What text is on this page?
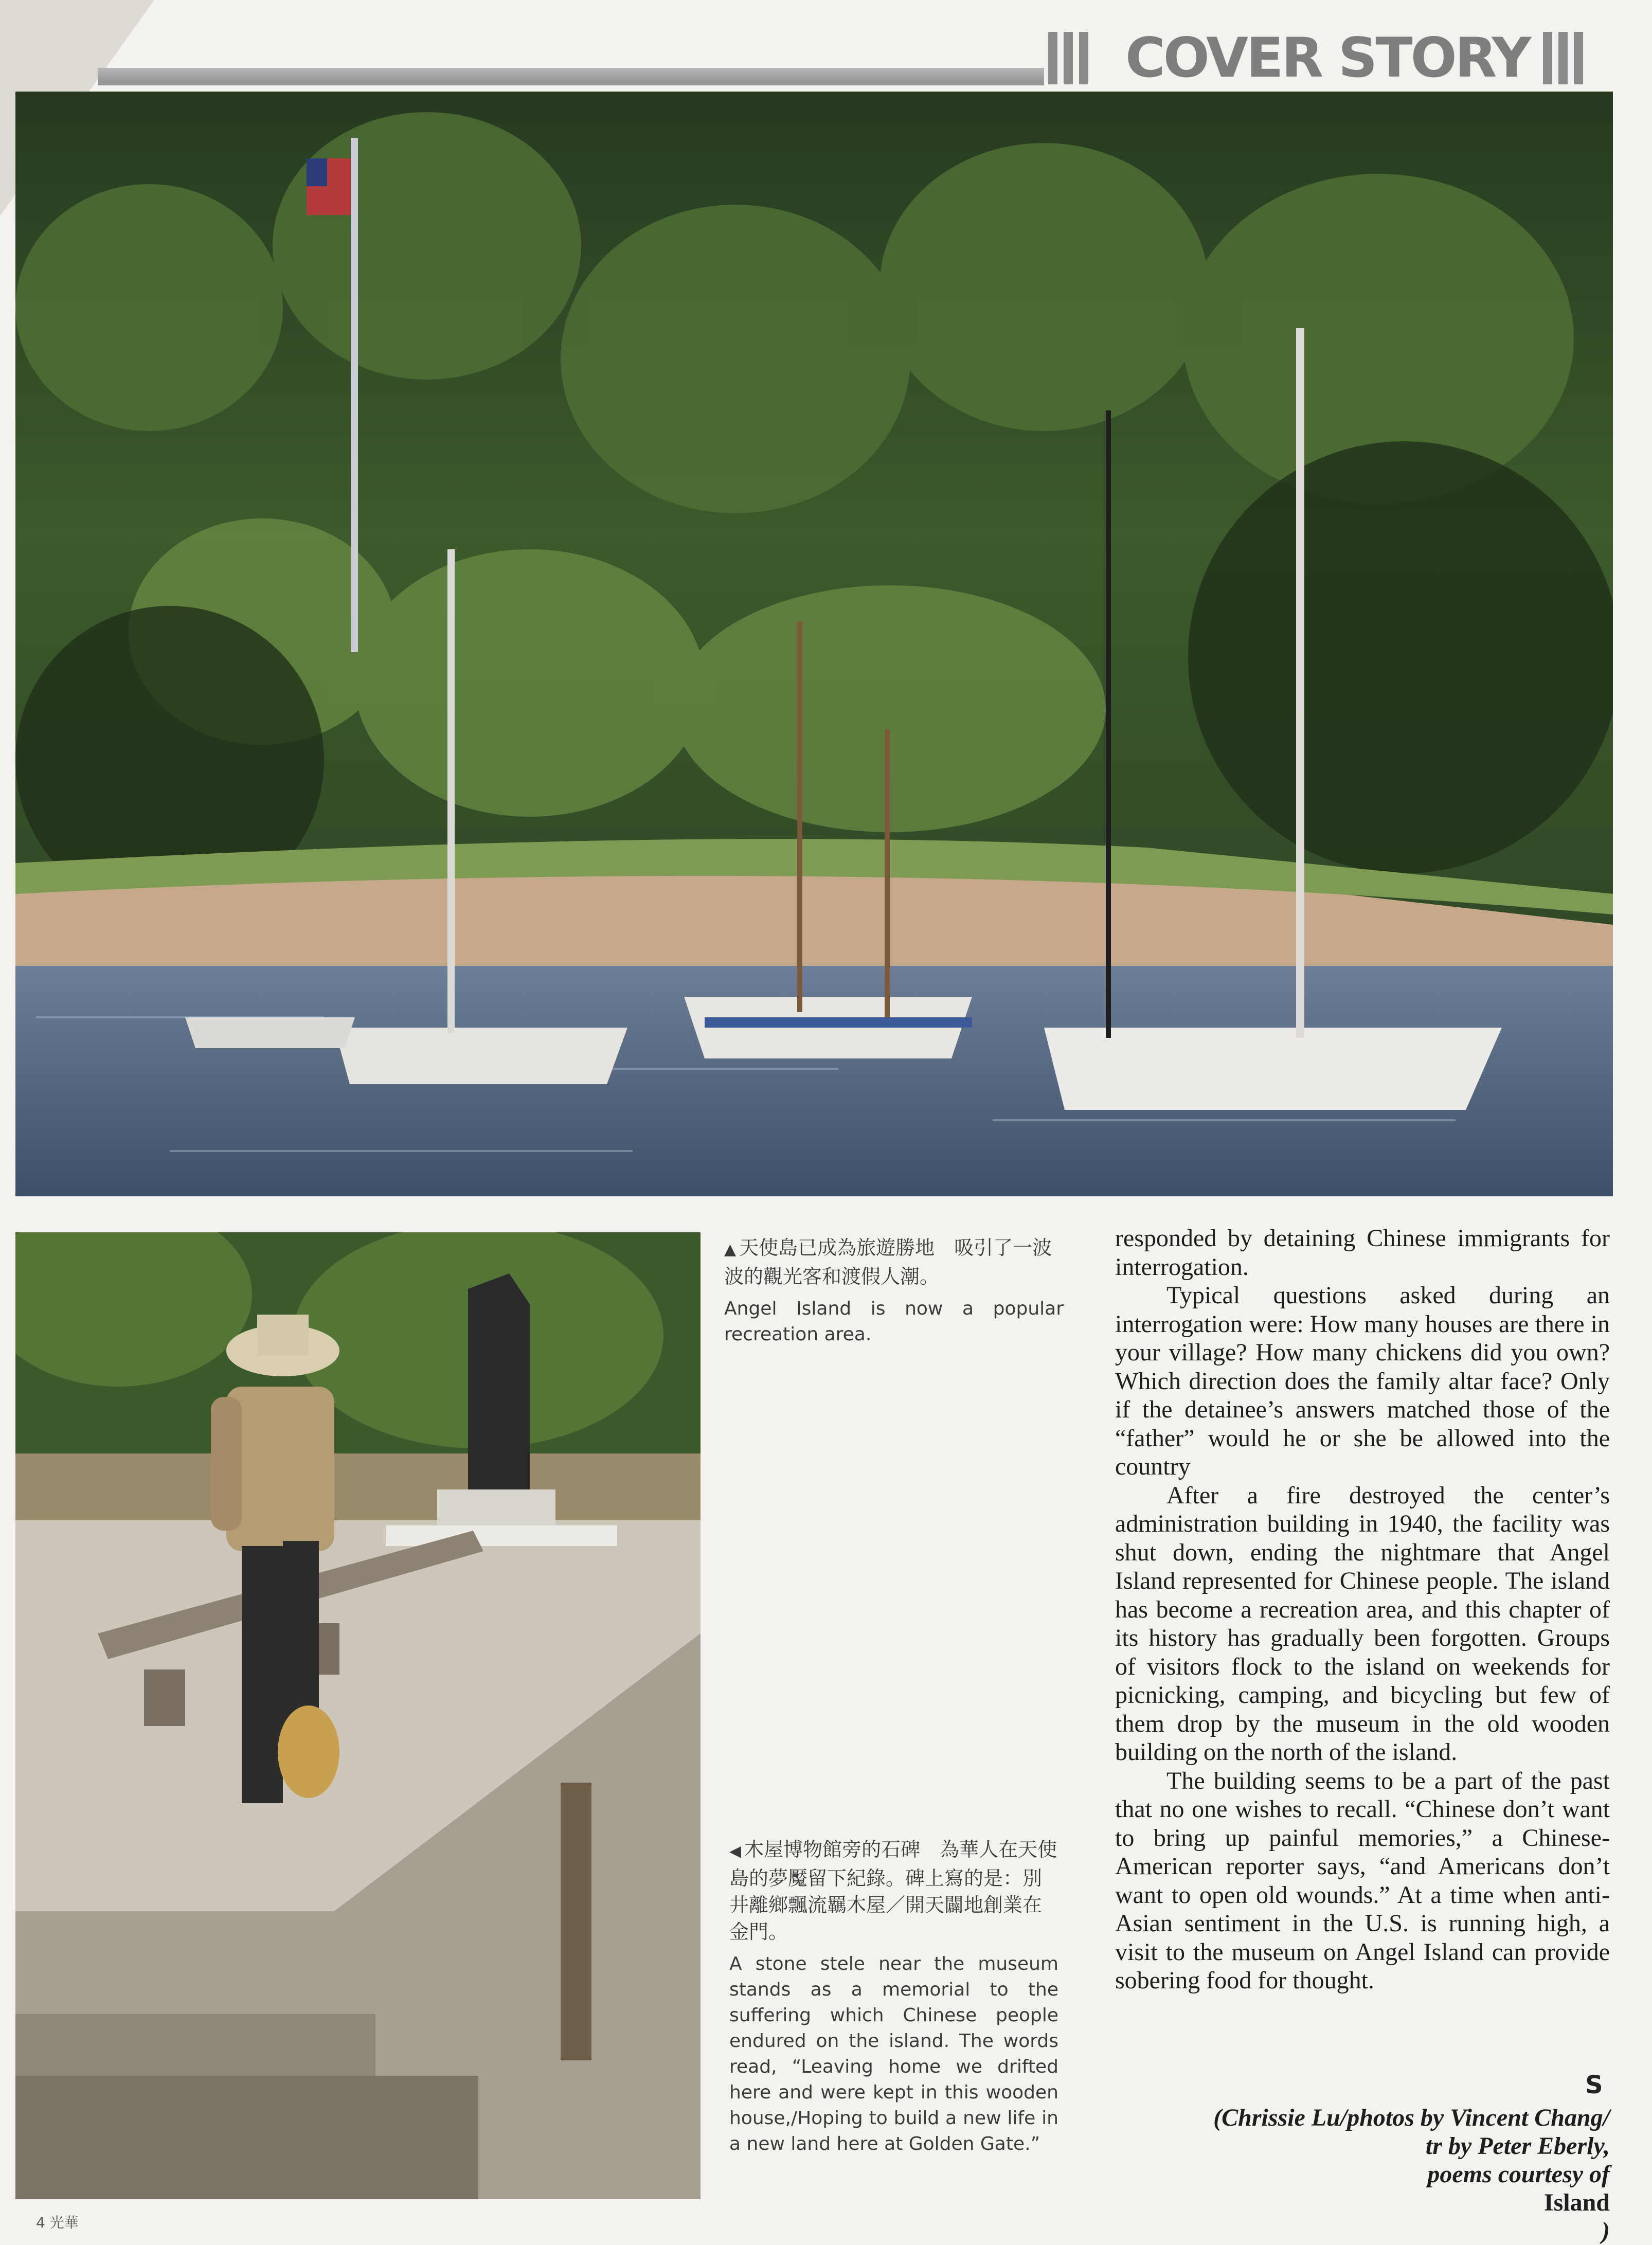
COVER STORY

▲ 天使島已成為旅遊勝地　吸引了一波波的觀光客和渡假人潮。

Angel Island is now a popular recreation area.

◀ 木屋博物館旁的石碑　為華人在天使島的夢魘留下紀錄。碑上寫的是：別井離鄉飄流羈木屋／開天闢地創業在金門。

A stone stele near the museum stands as a memorial to the suffering which Chinese people endured on the island. The words read, “Leaving home we drifted here and were kept in this wooden house,/Hoping to build a new life in a new land here at Golden Gate.”

responded by detaining Chinese immigrants for interrogation.

Typical questions asked during an interrogation were: How many houses are there in your village? How many chickens did you own? Which direction does the family altar face? Only if the detainee’s answers matched those of the “father” would he or she be allowed into the country

After a fire destroyed the center’s administration building in 1940, the facility was shut down, ending the nightmare that Angel Island represented for Chinese people. The island has become a recreation area, and this chapter of its history has gradually been forgotten. Groups of visitors flock to the island on weekends for picnicking, camping, and bicycling but few of them drop by the museum in the old wooden building on the north of the island.

The building seems to be a part of the past that no one wishes to recall. “Chinese don’t want to bring up painful memories,” a Chinese-American reporter says, “and Americans don’t want to open old wounds.” At a time when anti-Asian sentiment in the U.S. is running high, a visit to the museum on Angel Island can provide sobering food for thought.

S
(Chrissie Lu/photos by Vincent Chang/
tr by Peter Eberly,
poems courtesy of
Island
)
4 光華
